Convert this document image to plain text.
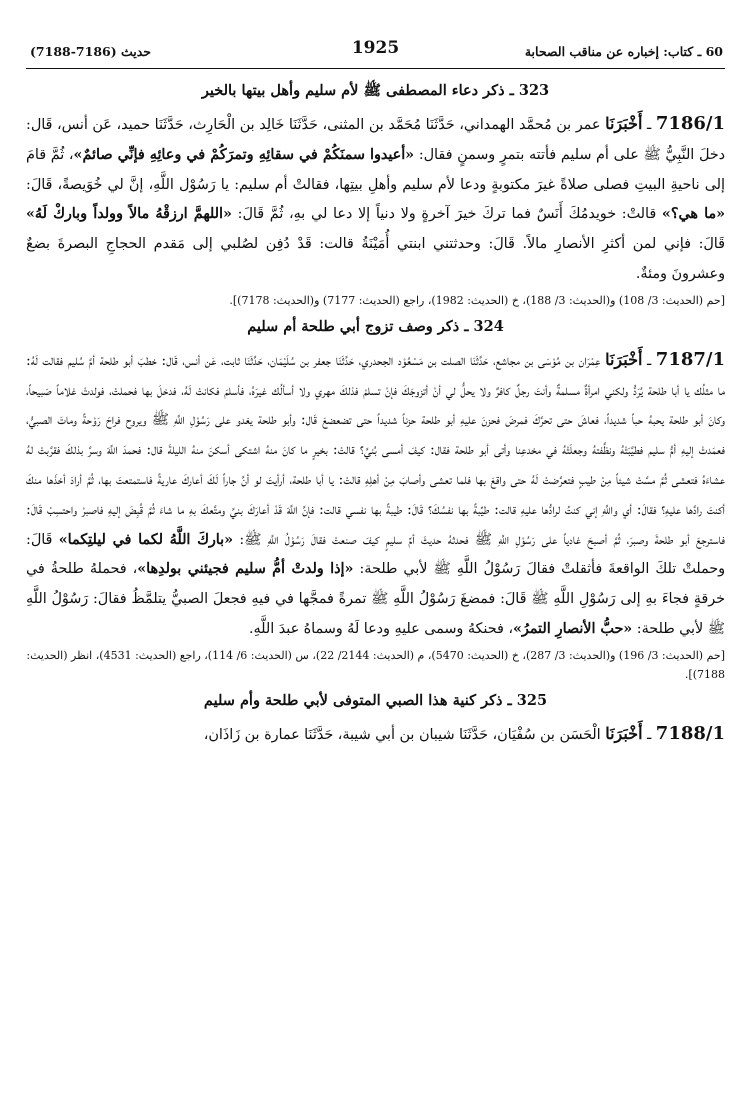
60 ـ كتاب: إخباره عن مناقب الصحابة
1925
حديث (7186-7188)
323 ـ ذكر دعاء المصطفى ﷺ لأم سليم وأهل بيتها بالخير

7186/1 ـ أَخْبَرَنَا عمر بن مُحمَّد الهمداني، حَدَّثَنَا مُحَمَّد بن المثنى، حَدَّثَنَا خَالِد بن الْحَارِث، حَدَّثَنَا حميد، عَن أنس، قَال: دخلَ النَّبِيُّ ﷺ على أم سليم فأتته بتمرٍ وسمنٍ فقال: «أعيدوا سمنَكُمْ في سقائِهِ وتمرَكُمْ في وعائِهِ فإنِّي صائمٌ»، ثُمَّ قامَ إلى ناحيةِ البيتِ فصلى صلاةً غيرَ مكتوبةٍ ودعا لأم سليم وأهلِ بيتِها، فقالتْ أم سليم: يا رَسُوْل اللَّهِ، إنَّ لي خُوَيصةً، قَالَ: «ما هي؟» قالتْ: خويدمُكَ أَنَسٌ فما تركَ خيرَ آخرةٍ ولا دنياً إلا دعا لي بهِ، ثُمَّ قَالَ: «اللهمَّ ارزقْهُ مالاً وولداً وباركْ لَهُ» قَالَ: فإني لمن أكثرِ الأنصارِ مالاً. قَالَ: وحدثتني ابنتي أُمَيْنَةُ قالت: قَدْ دُفِن لصُلبي إلى مَقدم الحجاجِ البصرةَ بضعٌ وعشرونَ ومئةٌ.

[حم (الحديث: 3/ 108) و(الحديث: 3/ 188)، خ (الحديث: 1982)، راجع (الحديث: 7177) و(الحديث: 7178)].
324 ـ ذكر وصف تزوج أبي طلحة أم سليم

7187/1 ـ أَخْبَرَنَا عِمْرَان بن مُوْسَى بن مجاشع، حَدَّثَنَا الصلت بن مَسْعُوْد الجحدري، حَدَّثَنَا جعفر بن سُلَيْمَان، حَدَّثَنَا ثابت، عَن أنس، قَال: خطبَ أبو طلحة أمَّ سُليم فقالت لَهُ: ما مثلُك يا أبا طلحة يُرَدُّ ولكني امرأةٌ مسلمةٌ وأنتَ رجلٌ كافرٌ ولا يحلُّ لي أنْ أتزوجَكَ فإنْ تسلمْ فذلكَ مهري ولا أسألُك غيرَهُ، فأسلمَ فكانتْ لَهُ، فدخلَ بها فحملتْ، فولدتْ غلاماً صَبيحاً، وكانَ أبو طلحة يحبهُ حباً شديداً، فعاشَ حتى تحرَّكَ فمرضَ فحزنَ عليهِ أبو طلحة حزناً شديداً حتى تضعضعَ قَال: وأبو طلحة يغدو على رَسُوْلِ اللَّهِ ﷺ ويروح فراحَ رَوْحةً وماتَ الصبيُّ، فعمَدتْ إليهِ أمُّ سليم فطيَّبَتْهُ ونظَّفتهُ وجعلَتْهُ في مخدعِنا وأتى أبو طلحة فقال: كيفَ أمسى بُنيَّ؟ قالتْ: بخيرٍ ما كانَ منهُ اشتكى أسكنَ منهُ الليلةَ قال: فحمدَ اللَّهَ وسرَّ بذلكَ فقرَّبتْ لهُ عشاءَهُ فتعشى ثُمَّ مسَّتْ شيئاً مِنْ طيبٍ فتعرَّضتْ لَهُ حتى واقعَ بها فلما تعشى وأصابَ مِنْ أهلِهِ قالتْ: يا أبا طلحة، أرأيتَ لو أنَّ جاراً لَكَ أعاركَ عاريةً فاستمتعتَ بها، ثُمَّ أرادَ أخذَها منكَ أكنتَ رادَّها عليهِ؟ فقالَ: أي واللَّهِ إني كنتُ لرادُّها عليهِ قالت: طيِّبةً بها نفسُكَ؟ قَالَ: طيبةً بها نفسي قالت: فإنَّ اللَّهَ قَدْ أعارَكَ بنيَّ ومتَّعكَ بهِ ما شاءَ ثُمَّ قُبِضَ إليهِ فاصبرْ واحتسِبْ قَالَ: فاسترجعَ أبو طلحةَ وصبرَ، ثُمَّ أصبحَ غادياً على رَسُوْلِ اللَّهِ ﷺ فحدثهُ حديثَ أمِّ سليمٍ كيفَ صنعتْ فقالَ رَسُوْلُ اللَّهِ ﷺ: «باركَ اللَّهُ لكما في ليلتِكما» قَالَ: وحملتْ تلكَ الواقعةَ فأثقلتْ فقالَ رَسُوْلُ اللَّهِ ﷺ لأبي طلحة: «إذا ولدتْ أمُّ سليم فجيئني بولدِها»، فحملهُ طلحةُ في خرقةٍ فجاءَ بهِ إلى رَسُوْلِ اللَّهِ ﷺ قَالَ: فمضغَ رَسُوْلُ اللَّهِ ﷺ تمرةً فمجَّها في فيهِ فجعلَ الصبيُّ يتلمَّظُ فقالَ: رَسُوْلُ اللَّهِ ﷺ لأبي طلحة: «حبُّ الأنصارِ التمرُ»، فحنكهُ وسمى عليهِ ودعا لَهُ وسماهُ عبدَ اللَّهِ.

[حم (الحديث: 3/ 196) و(الحديث: 3/ 287)، خ (الحديث: 5470)، م (الحديث: 2144/ 22)، س (الحديث: 6/ 114)، راجع (الحديث: 4531)، انظر (الحديث: 7188)].
325 ـ ذكر كنية هذا الصبي المتوفى لأبي طلحة وأم سليم

7188/1 ـ أَخْبَرَنَا الْحَسَن بن سُفْيَان، حَدَّثَنَا شيبان بن أبي شيبة، حَدَّثَنَا عمارة بن زَاذَان،
